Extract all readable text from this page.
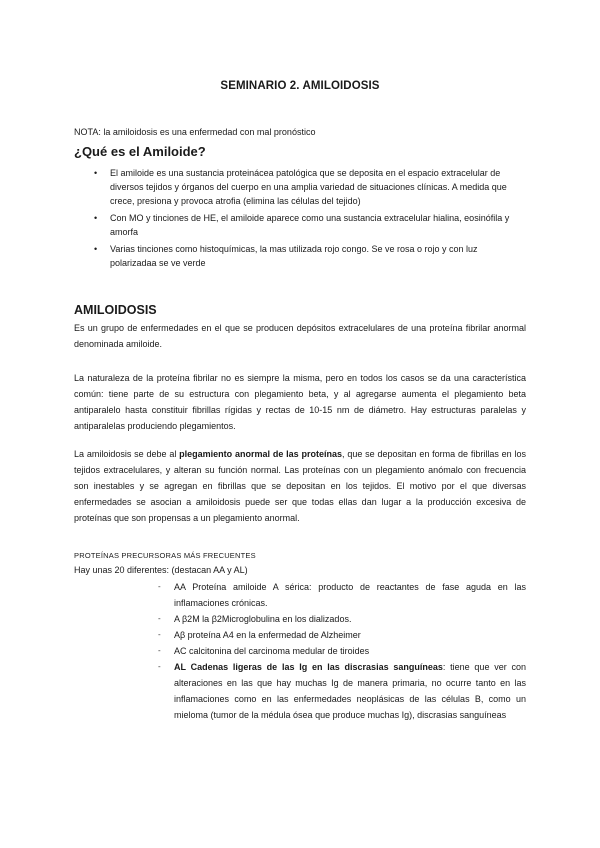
SEMINARIO 2. AMILOIDOSIS
NOTA: la amiloidosis es una enfermedad con mal pronóstico
¿Qué es el Amiloide?
• El amiloide es una sustancia proteinácea patológica que se deposita en el espacio extracelular de diversos tejidos y órganos del cuerpo en una amplia variedad de situaciones clínicas. A medida que crece, presiona y provoca atrofia (elimina las células del tejido)
• Con MO y tinciones de HE, el amiloide aparece como una sustancia extracelular hialina, eosinófila y amorfa
• Varias tinciones como histoquímicas, la mas utilizada rojo congo. Se ve rosa o rojo y con luz polarizadaa se ve verde
AMILOIDOSIS
Es un grupo de enfermedades en el que se producen depósitos extracelulares de una proteína fibrilar anormal denominada amiloide.
La naturaleza de la proteína fibrilar no es siempre la misma, pero en todos los casos se da una característica común: tiene parte de su estructura con plegamiento beta, y al agregarse aumenta el plegamiento beta antiparalelo hasta constituir fibrillas rígidas y rectas de 10-15 nm de diámetro. Hay estructuras paralelas y antiparalelas produciendo plegamientos.
La amiloidosis se debe al plegamiento anormal de las proteínas, que se depositan en forma de fibrillas en los tejidos extracelulares, y alteran su función normal. Las proteínas con un plegamiento anómalo con frecuencia son inestables y se agregan en fibrillas que se depositan en los tejidos. El motivo por el que diversas enfermedades se asocian a amiloidosis puede ser que todas ellas dan lugar a la producción excesiva de proteínas que son propensas a un plegamiento anormal.
PROTEÍNAS PRECURSORAS MÁS FRECUENTES
Hay unas 20 diferentes: (destacan AA y AL)
- AA Proteína amiloide A sérica: producto de reactantes de fase aguda en las inflamaciones crónicas.
- A β2M la β2Microglobulina en los dializados.
- Aβ proteína A4 en la enfermedad de Alzheimer
- AC calcitonina del carcinoma medular de tiroides
- AL Cadenas ligeras de las Ig en las discrasias sanguíneas: tiene que ver con alteraciones en las que hay muchas Ig de manera primaria, no ocurre tanto en las inflamaciones como en las enfermedades neoplásicas de las células B, como un mieloma (tumor de la médula ósea que produce muchas Ig), discrasias sanguíneas
